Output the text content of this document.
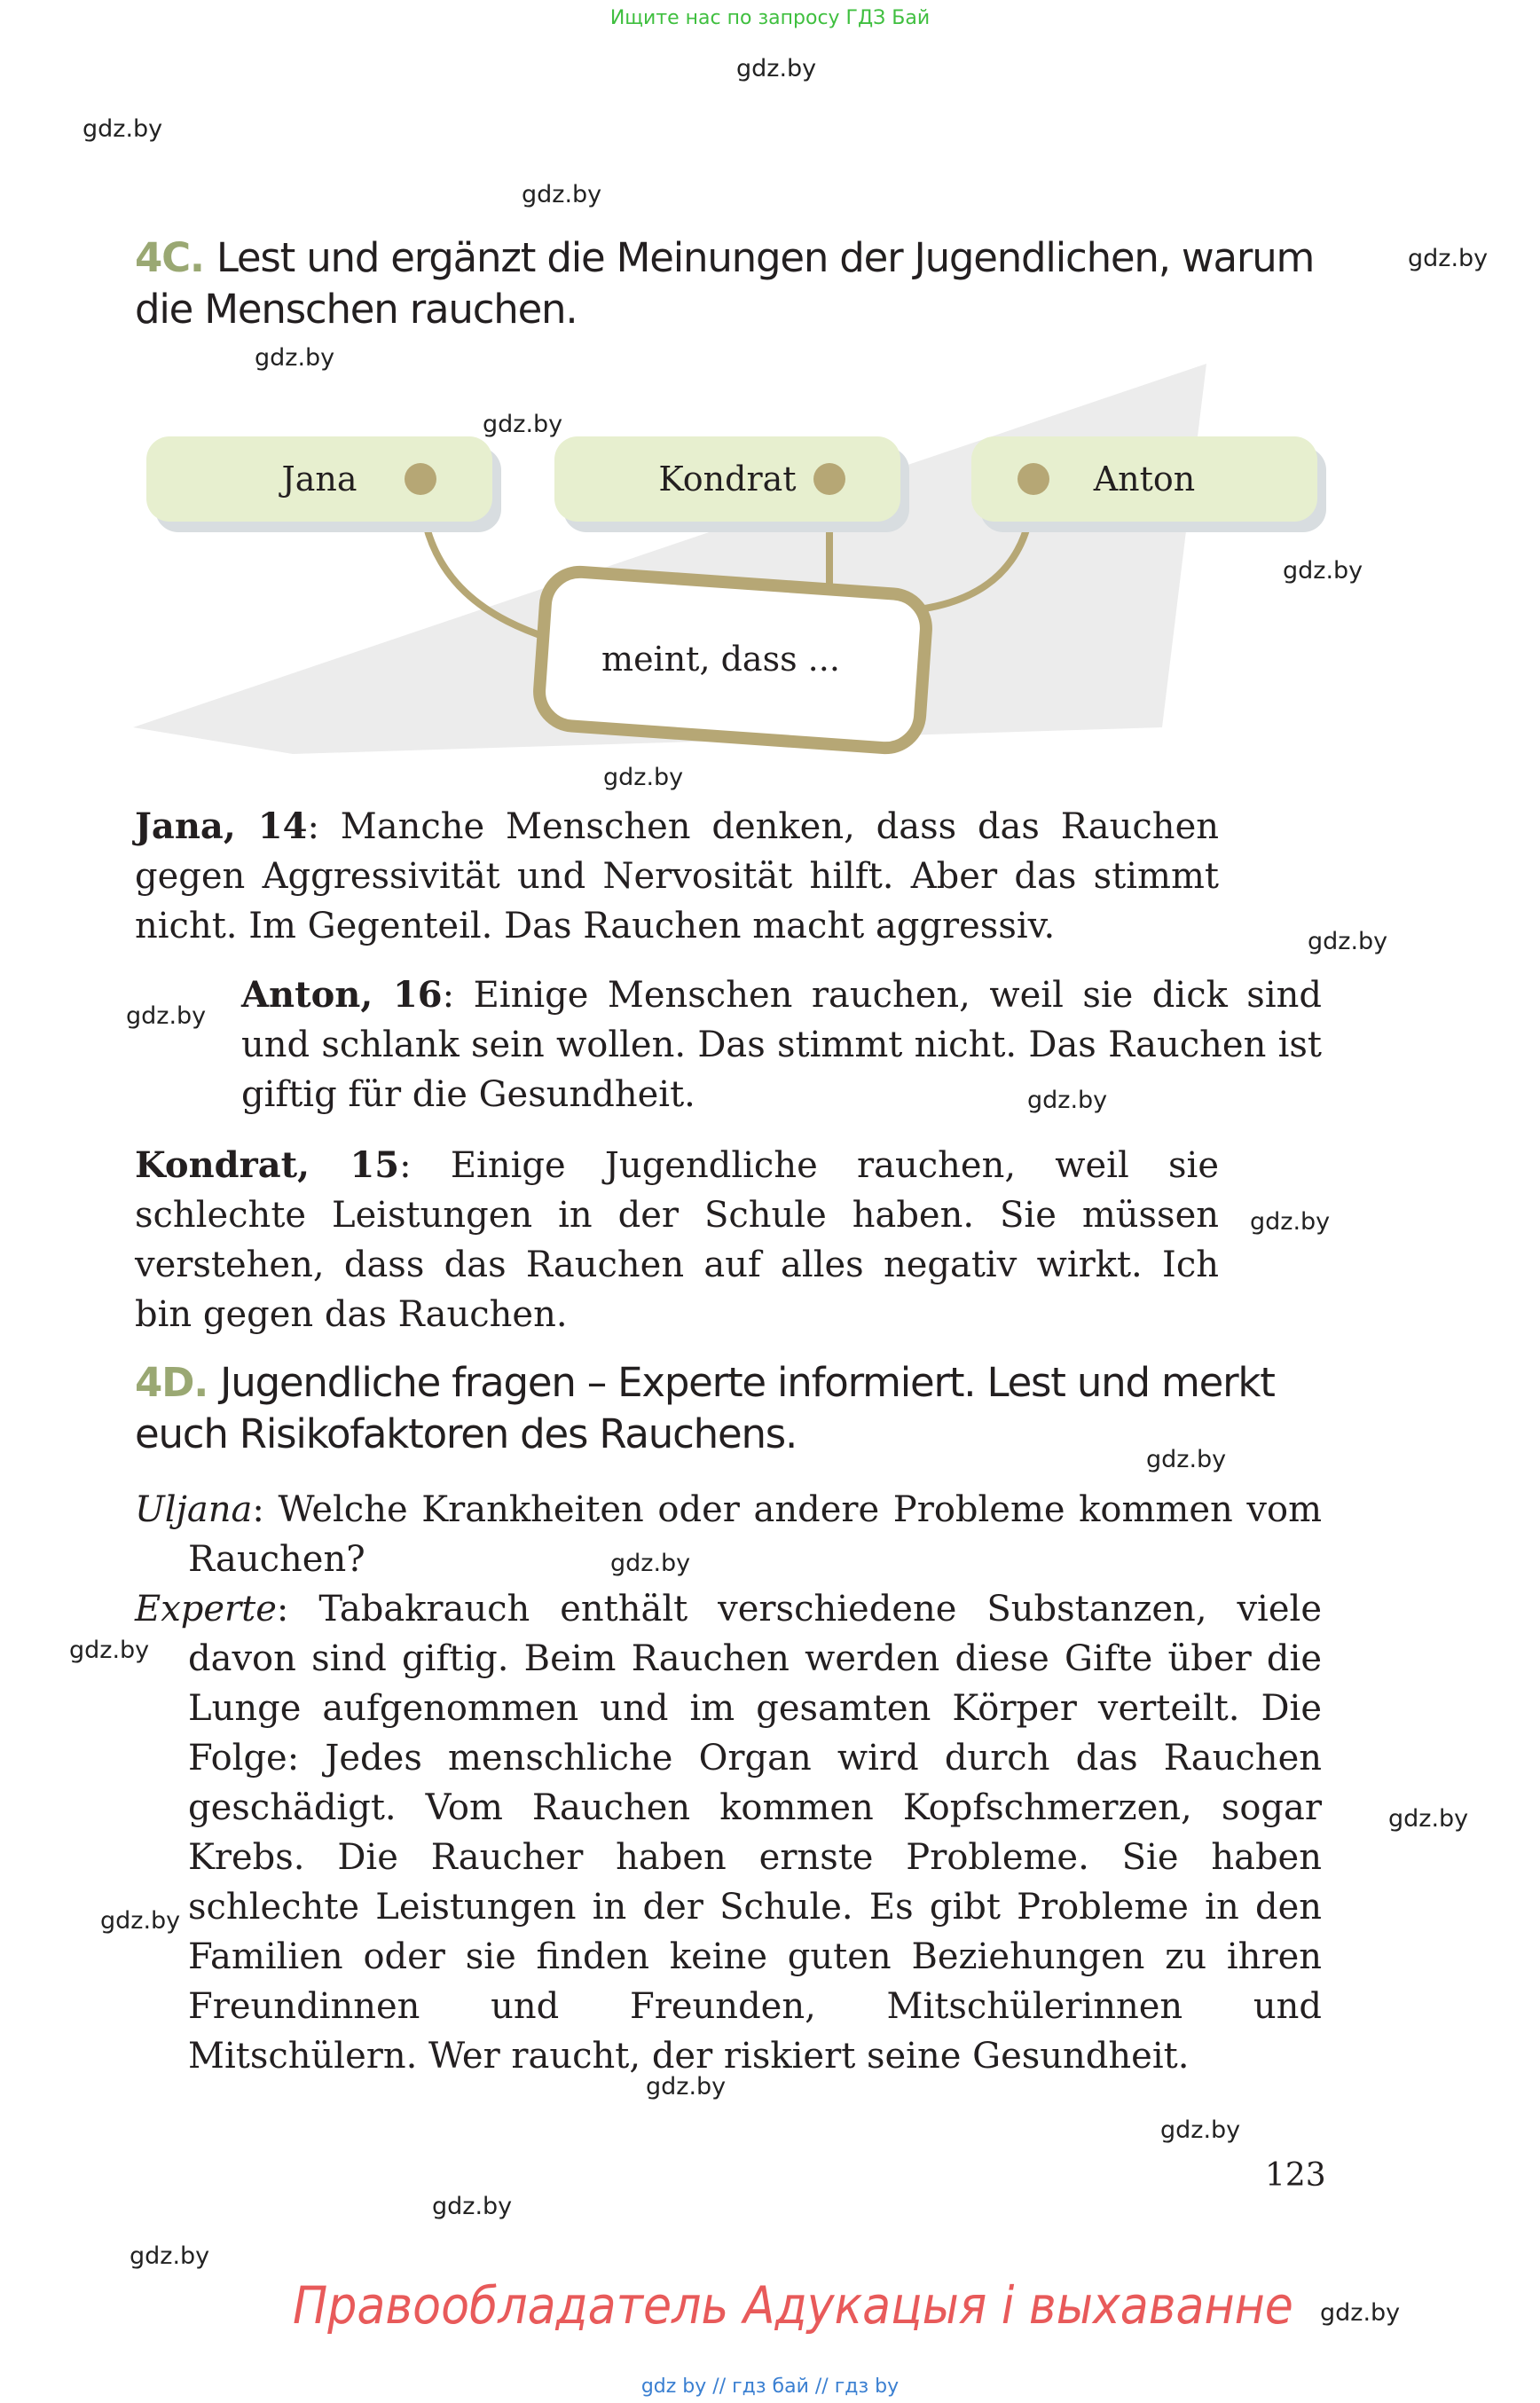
Ищите нас по запросу ГДЗ Бай
gdz.by
gdz.by
gdz.by
gdz.by
gdz.by
gdz.by
gdz.by
gdz.by
gdz.by
gdz.by
gdz.by
gdz.by
gdz.by
gdz.by
gdz.by
gdz.by
gdz.by
gdz.by
gdz.by
gdz.by
gdz.by
gdz.by
4C. Lest und ergänzt die Meinungen der Jugendlichen, warum die Menschen rauchen.
Jana	Kondrat	Anton
meint, dass ...
Jana, 14: Manche Menschen denken, dass das Rauchen gegen Aggressivität und Nervosität hilft. Aber das stimmt nicht. Im Gegenteil. Das Rauchen macht aggressiv.
Anton, 16: Einige Menschen rauchen, weil sie dick sind und schlank sein wollen. Das stimmt nicht. Das Rauchen ist giftig für die Gesundheit.
Kondrat, 15: Einige Jugendliche rauchen, weil sie schlechte Leistungen in der Schule haben. Sie müssen verstehen, dass das Rauchen auf alles negativ wirkt. Ich bin gegen das Rauchen.
4D. Jugendliche fragen – Experte informiert. Lest und merkt euch Risikofaktoren des Rauchens.
Uljana: Welche Krankheiten oder andere Probleme kommen vom Rauchen?
Experte: Tabakrauch enthält verschiedene Substanzen, viele davon sind giftig. Beim Rauchen werden diese Gifte über die Lunge aufgenommen und im gesamten Körper verteilt. Die Folge: Jedes menschliche Organ wird durch das Rauchen geschädigt. Vom Rauchen kommen Kopfschmerzen, sogar Krebs. Die Raucher haben ernste Probleme. Sie haben schlechte Leistungen in der Schule. Es gibt Probleme in den Familien oder sie finden keine guten Beziehungen zu ihren Freundinnen und Freunden, Mitschülerinnen und Mitschülern. Wer raucht, der riskiert seine Gesundheit.
123
Правообладатель Адукацыя і выхаванне
gdz by // гдз бай // гдз by
